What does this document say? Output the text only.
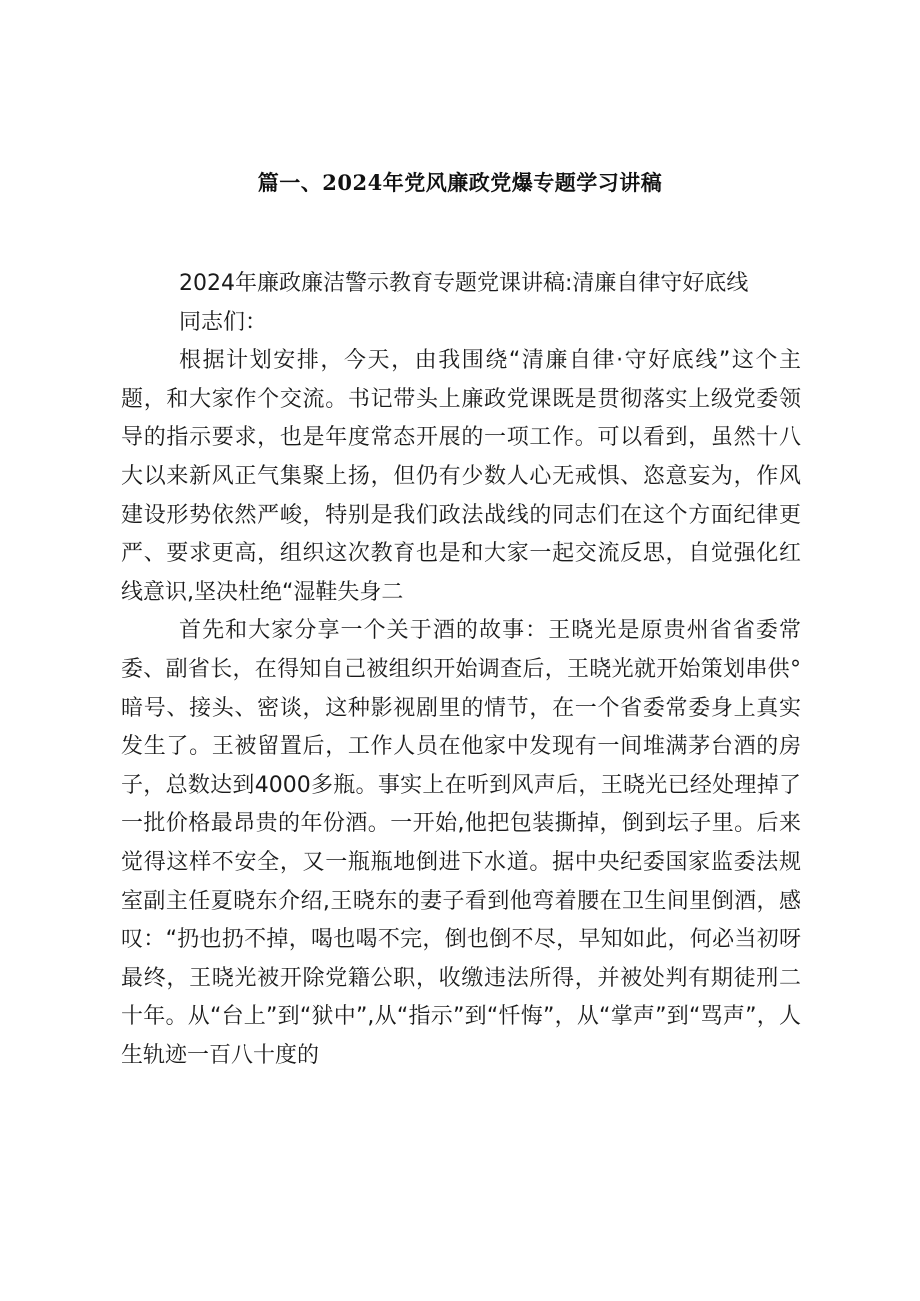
篇一、2024年党风廉政党爆专题学习讲稿

2024年廉政廉洁警示教育专题党课讲稿:清廉自律守好底线

同志们：

根据计划安排，今天，由我围绕“清廉自律·守好底线”这个主题，和大家作个交流。书记带头上廉政党课既是贯彻落实上级党委领导的指示要求，也是年度常态开展的一项工作。可以看到，虽然十八大以来新风正气集聚上扬，但仍有少数人心无戒惧、恣意妄为，作风建设形势依然严峻，特别是我们政法战线的同志们在这个方面纪律更严、要求更高，组织这次教育也是和大家一起交流反思，自觉强化红线意识,坚决杜绝“湿鞋失身二

首先和大家分享一个关于酒的故事：王晓光是原贵州省省委常委、副省长，在得知自己被组织开始调查后，王晓光就开始策划串供°暗号、接头、密谈，这种影视剧里的情节，在一个省委常委身上真实发生了。王被留置后，工作人员在他家中发现有一间堆满茅台酒的房子，总数达到4000多瓶。事实上在听到风声后，王晓光已经处理掉了一批价格最昂贵的年份酒。一开始,他把包装撕掉，倒到坛子里。后来觉得这样不安全，又一瓶瓶地倒进下水道。据中央纪委国家监委法规室副主任夏晓东介绍,王晓东的妻子看到他弯着腰在卫生间里倒酒，感叹：“扔也扔不掉，喝也喝不完，倒也倒不尽，早知如此，何必当初呀最终，王晓光被开除党籍公职，收缴违法所得，并被处判有期徒刑二十年。从“台上”到“狱中”,从“指示”到“忏悔”，从“掌声”到“骂声”，人生轨迹一百八十度的
